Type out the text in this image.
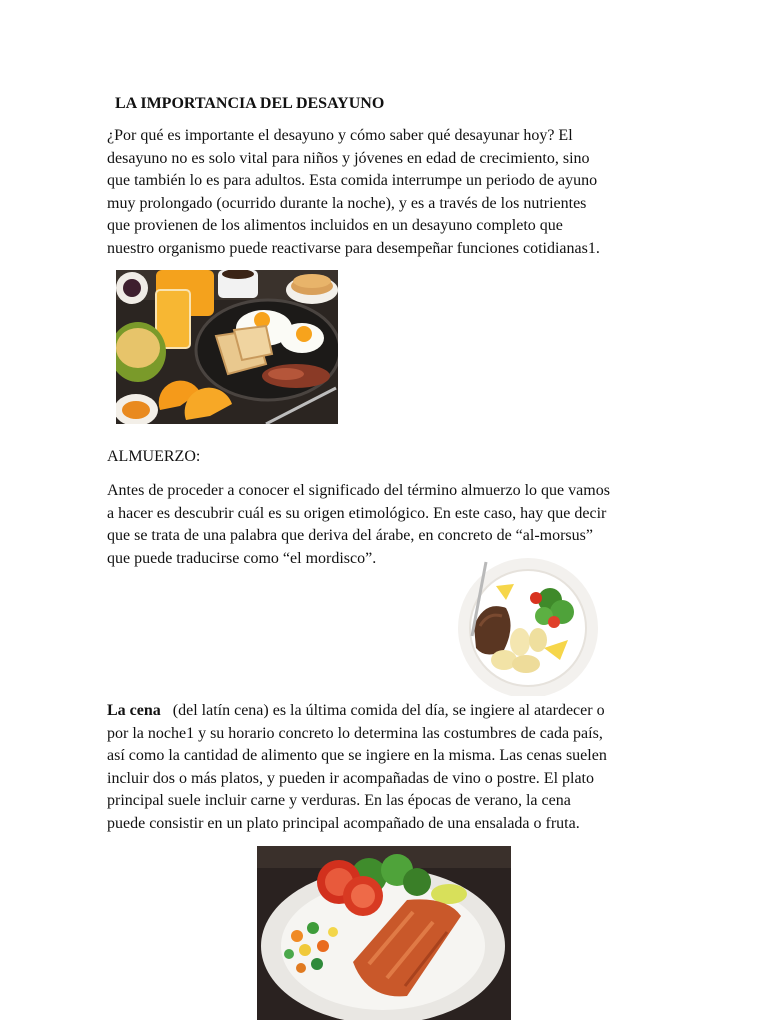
LA IMPORTANCIA DEL DESAYUNO
¿Por qué es importante el desayuno y cómo saber qué desayunar hoy? El
desayuno no es solo vital para niños y jóvenes en edad de crecimiento, sino
que también lo es para adultos. Esta comida interrumpe un periodo de ayuno
muy prolongado (ocurrido durante la noche), y es a través de los nutrientes
que provienen de los alimentos incluidos en un desayuno completo que
nuestro organismo puede reactivarse para desempeñar funciones cotidianas1.
ALMUERZO:
Antes de proceder a conocer el significado del término almuerzo lo que vamos
a hacer es descubrir cuál es su origen etimológico. En este caso, hay que decir
que se trata de una palabra que deriva del árabe, en concreto de “al-morsus”
que puede traducirse como “el mordisco”.
La cena   (del latín cena) es la última comida del día, se ingiere al atardecer o
por la noche1 y su horario concreto lo determina las costumbres de cada país,
así como la cantidad de alimento que se ingiere en la misma. Las cenas suelen
incluir dos o más platos, y pueden ir acompañadas de vino o postre. El plato
principal suele incluir carne y verduras. En las épocas de verano, la cena
puede consistir en un plato principal acompañado de una ensalada o fruta.
